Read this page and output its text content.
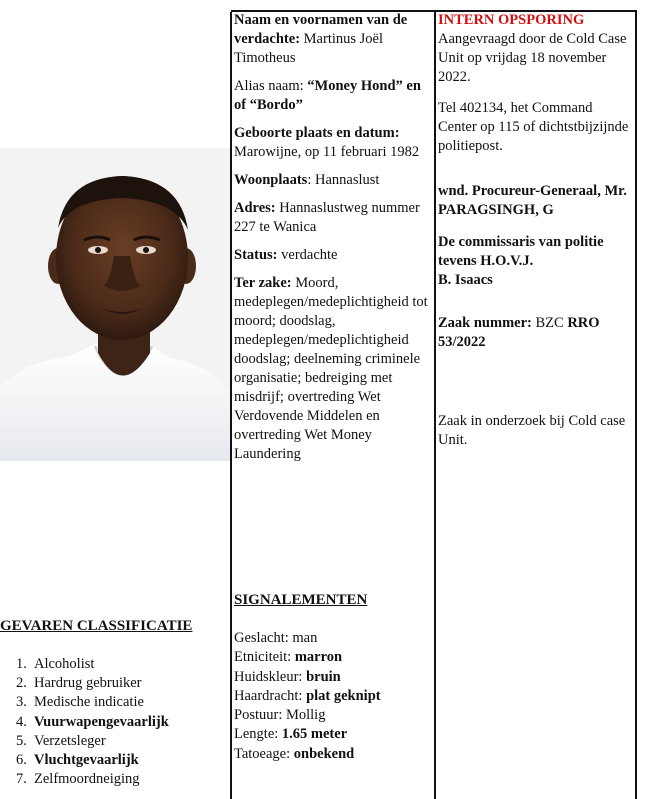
Naam en voornamen van de verdachte: Martinus Joël Timotheus

Alias naam: “Money Hond” en of “Bordo”

Geboorte plaats en datum: Marowijne, op 11 februari 1982

Woonplaats: Hannaslust

Adres: Hannaslustweg nummer 227 te Wanica

Status: verdachte

Ter zake: Moord, medeplegen/medeplichtigheid tot moord; doodslag, medeplegen/medeplichtigheid doodslag; deelneming criminele organisatie; bedreiging met misdrijf; overtreding Wet Verdovende Middelen en overtreding Wet Money Laundering

SIGNALEMENTEN
Geslacht: man
Etniciteit: marron
Huidskleur: bruin
Haardracht: plat geknipt
Postuur: Mollig
Lengte: 1.65 meter
Tatoeage: onbekend

INTERN OPSPORING

Aangevraagd door de Cold Case Unit op vrijdag 18 november 2022.

Tel 402134, het Command Center op 115 of dichtstbijzijnde politiepost.

wnd. Procureur-Generaal, Mr. PARAGSINGH, G

De commissaris van politie tevens H.O.V.J.
B. Isaacs

Zaak nummer: BZC RRO 53/2022

Zaak in onderzoek bij Cold case Unit.

GEVAREN CLASSIFICATIE
1. Alcoholist
2. Hardrug gebruiker
3. Medische indicatie
4. Vuurwapengevaarlijk
5. Verzetsleger
6. Vluchtgevaarlijk
7. Zelfmoordneiging
